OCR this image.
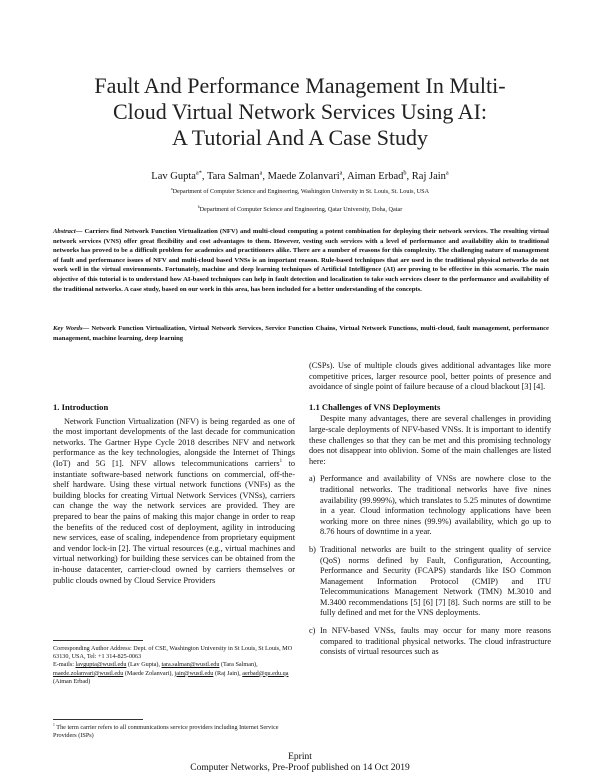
Fault And Performance Management In Multi-
Cloud Virtual Network Services Using AI:
A Tutorial And A Case Study
Lav Gupta$^{a*}$, Tara Salman$^a$, Maede Zolanvari$^a$, Aiman Erbad$^b$, Raj Jain$^a$
$^a$Department of Computer Science and Engineering, Washington University in St. Louis, St. Louis, USA
$^b$Department of Computer Science and Engineering, Qatar University, Doha, Qatar
Abstract— Carriers find Network Function Virtualization (NFV) and multi-cloud computing a potent combination for deploying their network services. The resulting virtual network services (VNS) offer great flexibility and cost advantages to them. However, vesting such services with a level of performance and availability akin to traditional networks has proved to be a difficult problem for academics and practitioners alike. There are a number of reasons for this complexity. The challenging nature of management of fault and performance issues of NFV and multi-cloud based VNSs is an important reason. Rule-based techniques that are used in the traditional physical networks do not work well in the virtual environments. Fortunately, machine and deep learning techniques of Artificial Intelligence (AI) are proving to be effective in this scenario. The main objective of this tutorial is to understand how AI-based techniques can help in fault detection and localization to take such services closer to the performance and availability of the traditional networks. A case study, based on our work in this area, has been included for a better understanding of the concepts.
Key Words— Network Function Virtualization, Virtual Network Services, Service Function Chains, Virtual Network Functions, multi-cloud, fault management, performance management, machine learning, deep learning
1. Introduction

Network Function Virtualization (NFV) is being regarded as one of the most important developments of the last decade for communication networks. The Gartner Hype Cycle 2018 describes NFV and network performance as the key technologies, alongside the Internet of Things (IoT) and 5G [1]. NFV allows telecommunications carriers$^1$ to instantiate software-based network functions on commercial, off-the-shelf hardware. Using these virtual network functions (VNFs) as the building blocks for creating Virtual Network Services (VNSs), carriers can change the way the network services are provided. They are prepared to bear the pains of making this major change in order to reap the benefits of the reduced cost of deployment, agility in introducing new services, ease of scaling, independence from proprietary equipment and vendor lock-in [2]. The virtual resources (e.g., virtual machines and virtual networking) for building these services can be obtained from the in-house datacenter, carrier-cloud owned by carriers themselves or public clouds owned by Cloud Service Providers

(CSPs). Use of multiple clouds gives additional advantages like more competitive prices, larger resource pool, better points of presence and avoidance of single point of failure because of a cloud blackout [3] [4].

1.1 Challenges of VNS Deployments

Despite many advantages, there are several challenges in providing large-scale deployments of NFV-based VNSs. It is important to identify these challenges so that they can be met and this promising technology does not disappear into oblivion. Some of the main challenges are listed here:

a) Performance and availability of VNSs are nowhere close to the traditional networks. The traditional networks have five nines availability (99.999%), which translates to 5.25 minutes of downtime in a year. Cloud information technology applications have been working more on three nines (99.9%) availability, which go up to 8.76 hours of downtime in a year.
b) Traditional networks are built to the stringent quality of service (QoS) norms defined by Fault, Configuration, Accounting, Performance and Security (FCAPS) standards like ISO Common Management Information Protocol (CMIP) and ITU Telecommunications Management Network (TMN) M.3010 and M.3400 recommendations [5] [6] [7] [8]. Such norms are still to be fully defined and met for the VNS deployments.
c) In NFV-based VNSs, faults may occur for many more reasons compared to traditional physical networks. The cloud infrastructure consists of virtual resources such as
Corresponding Author Address: Dept. of CSE, Washington University in St Louis, St Louis, MO 63130, USA, Tel: +1 314-825-0063
E-mails: lavgupta@wustl.edu (Lav Gupta), tara.salman@wustl.edu (Tara Salman), maede.zolanvari@wustl.edu (Maede Zolanvari), jain@wustl.edu (Raj Jain), aerbad@qu.edu.qa (Aiman Erbad)
$^1$ The term carrier refers to all communications service providers including Internet Service Providers (ISPs)
Eprint
Computer Networks, Pre-Proof published on 14 Oct 2019
